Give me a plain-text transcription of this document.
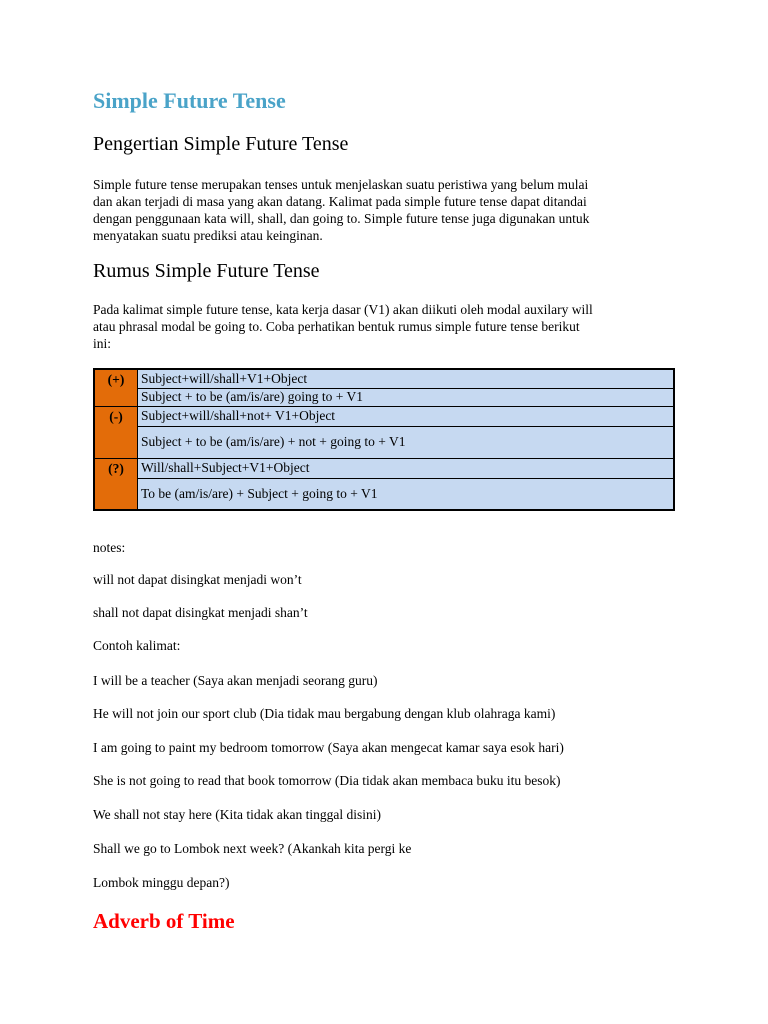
Simple Future Tense
Pengertian Simple Future Tense
Simple future tense merupakan tenses untuk menjelaskan suatu peristiwa yang belum mulai
dan akan terjadi di masa yang akan datang. Kalimat pada simple future tense dapat ditandai
dengan penggunaan kata will, shall, dan going to. Simple future tense juga digunakan untuk
menyatakan suatu prediksi atau keinginan.
Rumus Simple Future Tense
Pada kalimat simple future tense, kata kerja dasar (V1) akan diikuti oleh modal auxilary will
atau phrasal modal be going to. Coba perhatikan bentuk rumus simple future tense berikut
ini:
(+)	Subject+will/shall+V1+Object
	Subject + to be (am/is/are) going to + V1
(-)	Subject+will/shall+not+ V1+Object
	Subject + to be (am/is/are) + not + going to + V1
(?)	Will/shall+Subject+V1+Object
	To be (am/is/are) + Subject + going to + V1
notes:
will not dapat disingkat menjadi won’t
shall not dapat disingkat menjadi shan’t
Contoh kalimat:
I will be a teacher (Saya akan menjadi seorang guru)
He will not join our sport club (Dia tidak mau bergabung dengan klub olahraga kami)
I am going to paint my bedroom tomorrow (Saya akan mengecat kamar saya esok hari)
She is not going to read that book tomorrow (Dia tidak akan membaca buku itu besok)
We shall not stay here (Kita tidak akan tinggal disini)
Shall we go to Lombok next week? (Akankah kita pergi ke
Lombok minggu depan?)
Adverb of Time
